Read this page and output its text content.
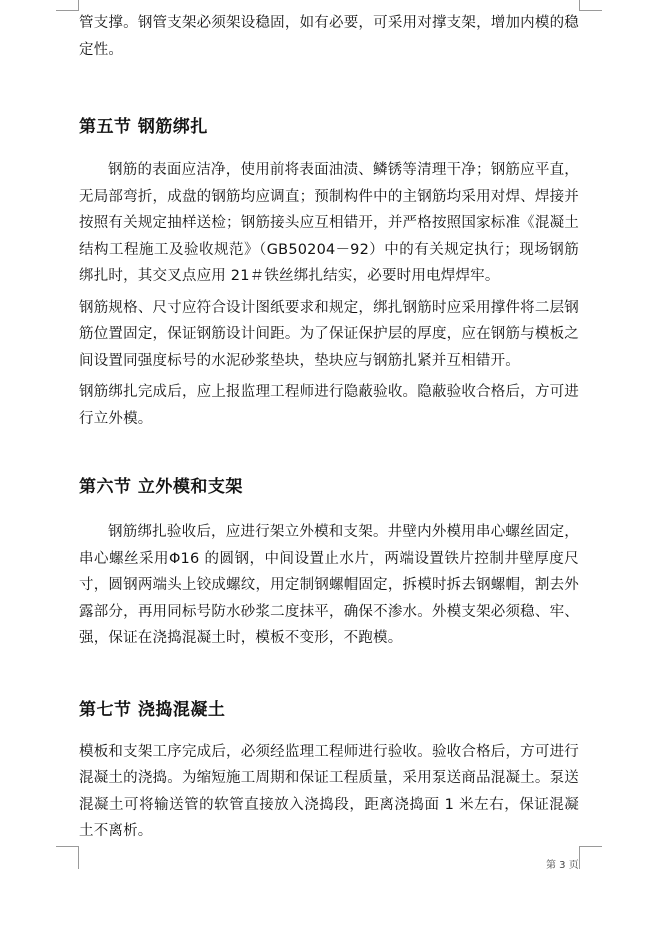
管支撑。钢管支架必须架设稳固，如有必要，可采用对撑支架，增加内模的稳定性。

第五节 钢筋绑扎

钢筋的表面应洁净，使用前将表面油渍、鳞锈等清理干净；钢筋应平直，无局部弯折，成盘的钢筋均应调直；预制构件中的主钢筋均采用对焊、焊接并按照有关规定抽样送检；钢筋接头应互相错开，并严格按照国家标准《混凝土结构工程施工及验收规范》（GB50204－92）中的有关规定执行；现场钢筋绑扎时，其交叉点应用 21＃铁丝绑扎结实，必要时用电焊焊牢。

钢筋规格、尺寸应符合设计图纸要求和规定，绑扎钢筋时应采用撑件将二层钢筋位置固定，保证钢筋设计间距。为了保证保护层的厚度，应在钢筋与模板之间设置同强度标号的水泥砂浆垫块，垫块应与钢筋扎紧并互相错开。

钢筋绑扎完成后，应上报监理工程师进行隐蔽验收。隐蔽验收合格后，方可进行立外模。

第六节 立外模和支架

钢筋绑扎验收后，应进行架立外模和支架。井壁内外模用串心螺丝固定，串心螺丝采用Φ16 的圆钢，中间设置止水片，两端设置铁片控制井壁厚度尺寸，圆钢两端头上铰成螺纹，用定制钢螺帽固定，拆模时拆去钢螺帽，割去外露部分，再用同标号防水砂浆二度抹平，确保不渗水。外模支架必须稳、牢、强，保证在浇捣混凝土时，模板不变形，不跑模。

第七节 浇捣混凝土

模板和支架工序完成后，必须经监理工程师进行验收。验收合格后，方可进行混凝土的浇捣。为缩短施工周期和保证工程质量，采用泵送商品混凝土。泵送混凝土可将输送管的软管直接放入浇捣段，距离浇捣面 1 米左右，保证混凝土不离析。

第 3 页
